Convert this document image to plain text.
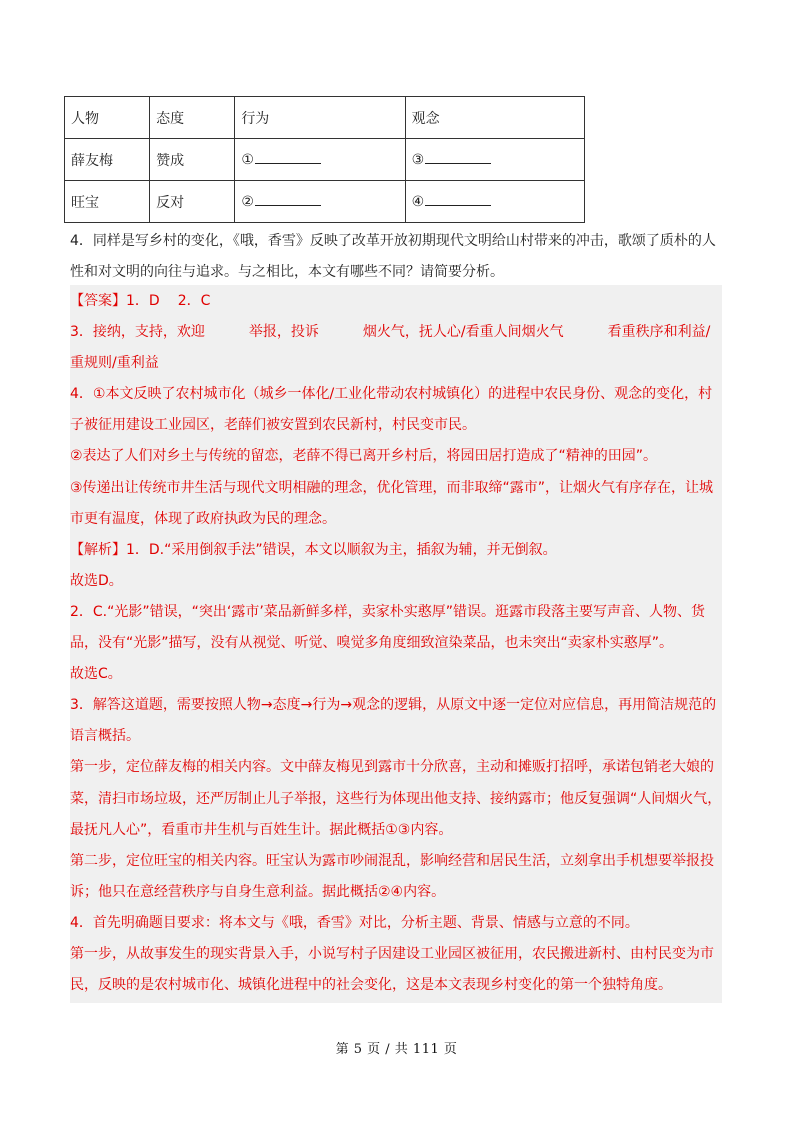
人物	态度	行为	观念
薛友梅	赞成	①	③
旺宝	反对	②	④
4．同样是写乡村的变化，《哦，香雪》反映了改革开放初期现代文明给山村带来的冲击，歌颂了质朴的人性和对文明的向往与追求。与之相比，本文有哪些不同？请简要分析。

【答案】1．D 2．C

3．接纳，支持，欢迎	举报，投诉	烟火气，抚人心/看重人间烟火气	看重秩序和利益/重规则/重利益

4．①本文反映了农村城市化（城乡一体化/工业化带动农村城镇化）的进程中农民身份、观念的变化，村子被征用建设工业园区，老薛们被安置到农民新村，村民变市民。

②表达了人们对乡土与传统的留恋，老薛不得已离开乡村后，将园田居打造成了“精神的田园”。

③传递出让传统市井生活与现代文明相融的理念，优化管理，而非取缔“露市”，让烟火气有序存在，让城市更有温度，体现了政府执政为民的理念。

【解析】1．D.“采用倒叙手法”错误，本文以顺叙为主，插叙为辅，并无倒叙。

故选D。

2．C.“光影”错误，“突出‘露市’菜品新鲜多样，卖家朴实憨厚”错误。逛露市段落主要写声音、人物、货品，没有“光影”描写，没有从视觉、听觉、嗅觉多角度细致渲染菜品，也未突出“卖家朴实憨厚”。

故选C。

3．解答这道题，需要按照人物→态度→行为→观念的逻辑，从原文中逐一定位对应信息，再用简洁规范的语言概括。

第一步，定位薛友梅的相关内容。文中薛友梅见到露市十分欣喜，主动和摊贩打招呼，承诺包销老大娘的菜，清扫市场垃圾，还严厉制止儿子举报，这些行为体现出他支持、接纳露市；他反复强调“人间烟火气，最抚凡人心”，看重市井生机与百姓生计。据此概括①③内容。

第二步，定位旺宝的相关内容。旺宝认为露市吵闹混乱，影响经营和居民生活，立刻拿出手机想要举报投诉；他只在意经营秩序与自身生意利益。据此概括②④内容。

4．首先明确题目要求：将本文与《哦，香雪》对比，分析主题、背景、情感与立意的不同。

第一步，从故事发生的现实背景入手，小说写村子因建设工业园区被征用，农民搬进新村、由村民变为市民，反映的是农村城市化、城镇化进程中的社会变化，这是本文表现乡村变化的第一个独特角度。

第 5 页 / 共 111 页
